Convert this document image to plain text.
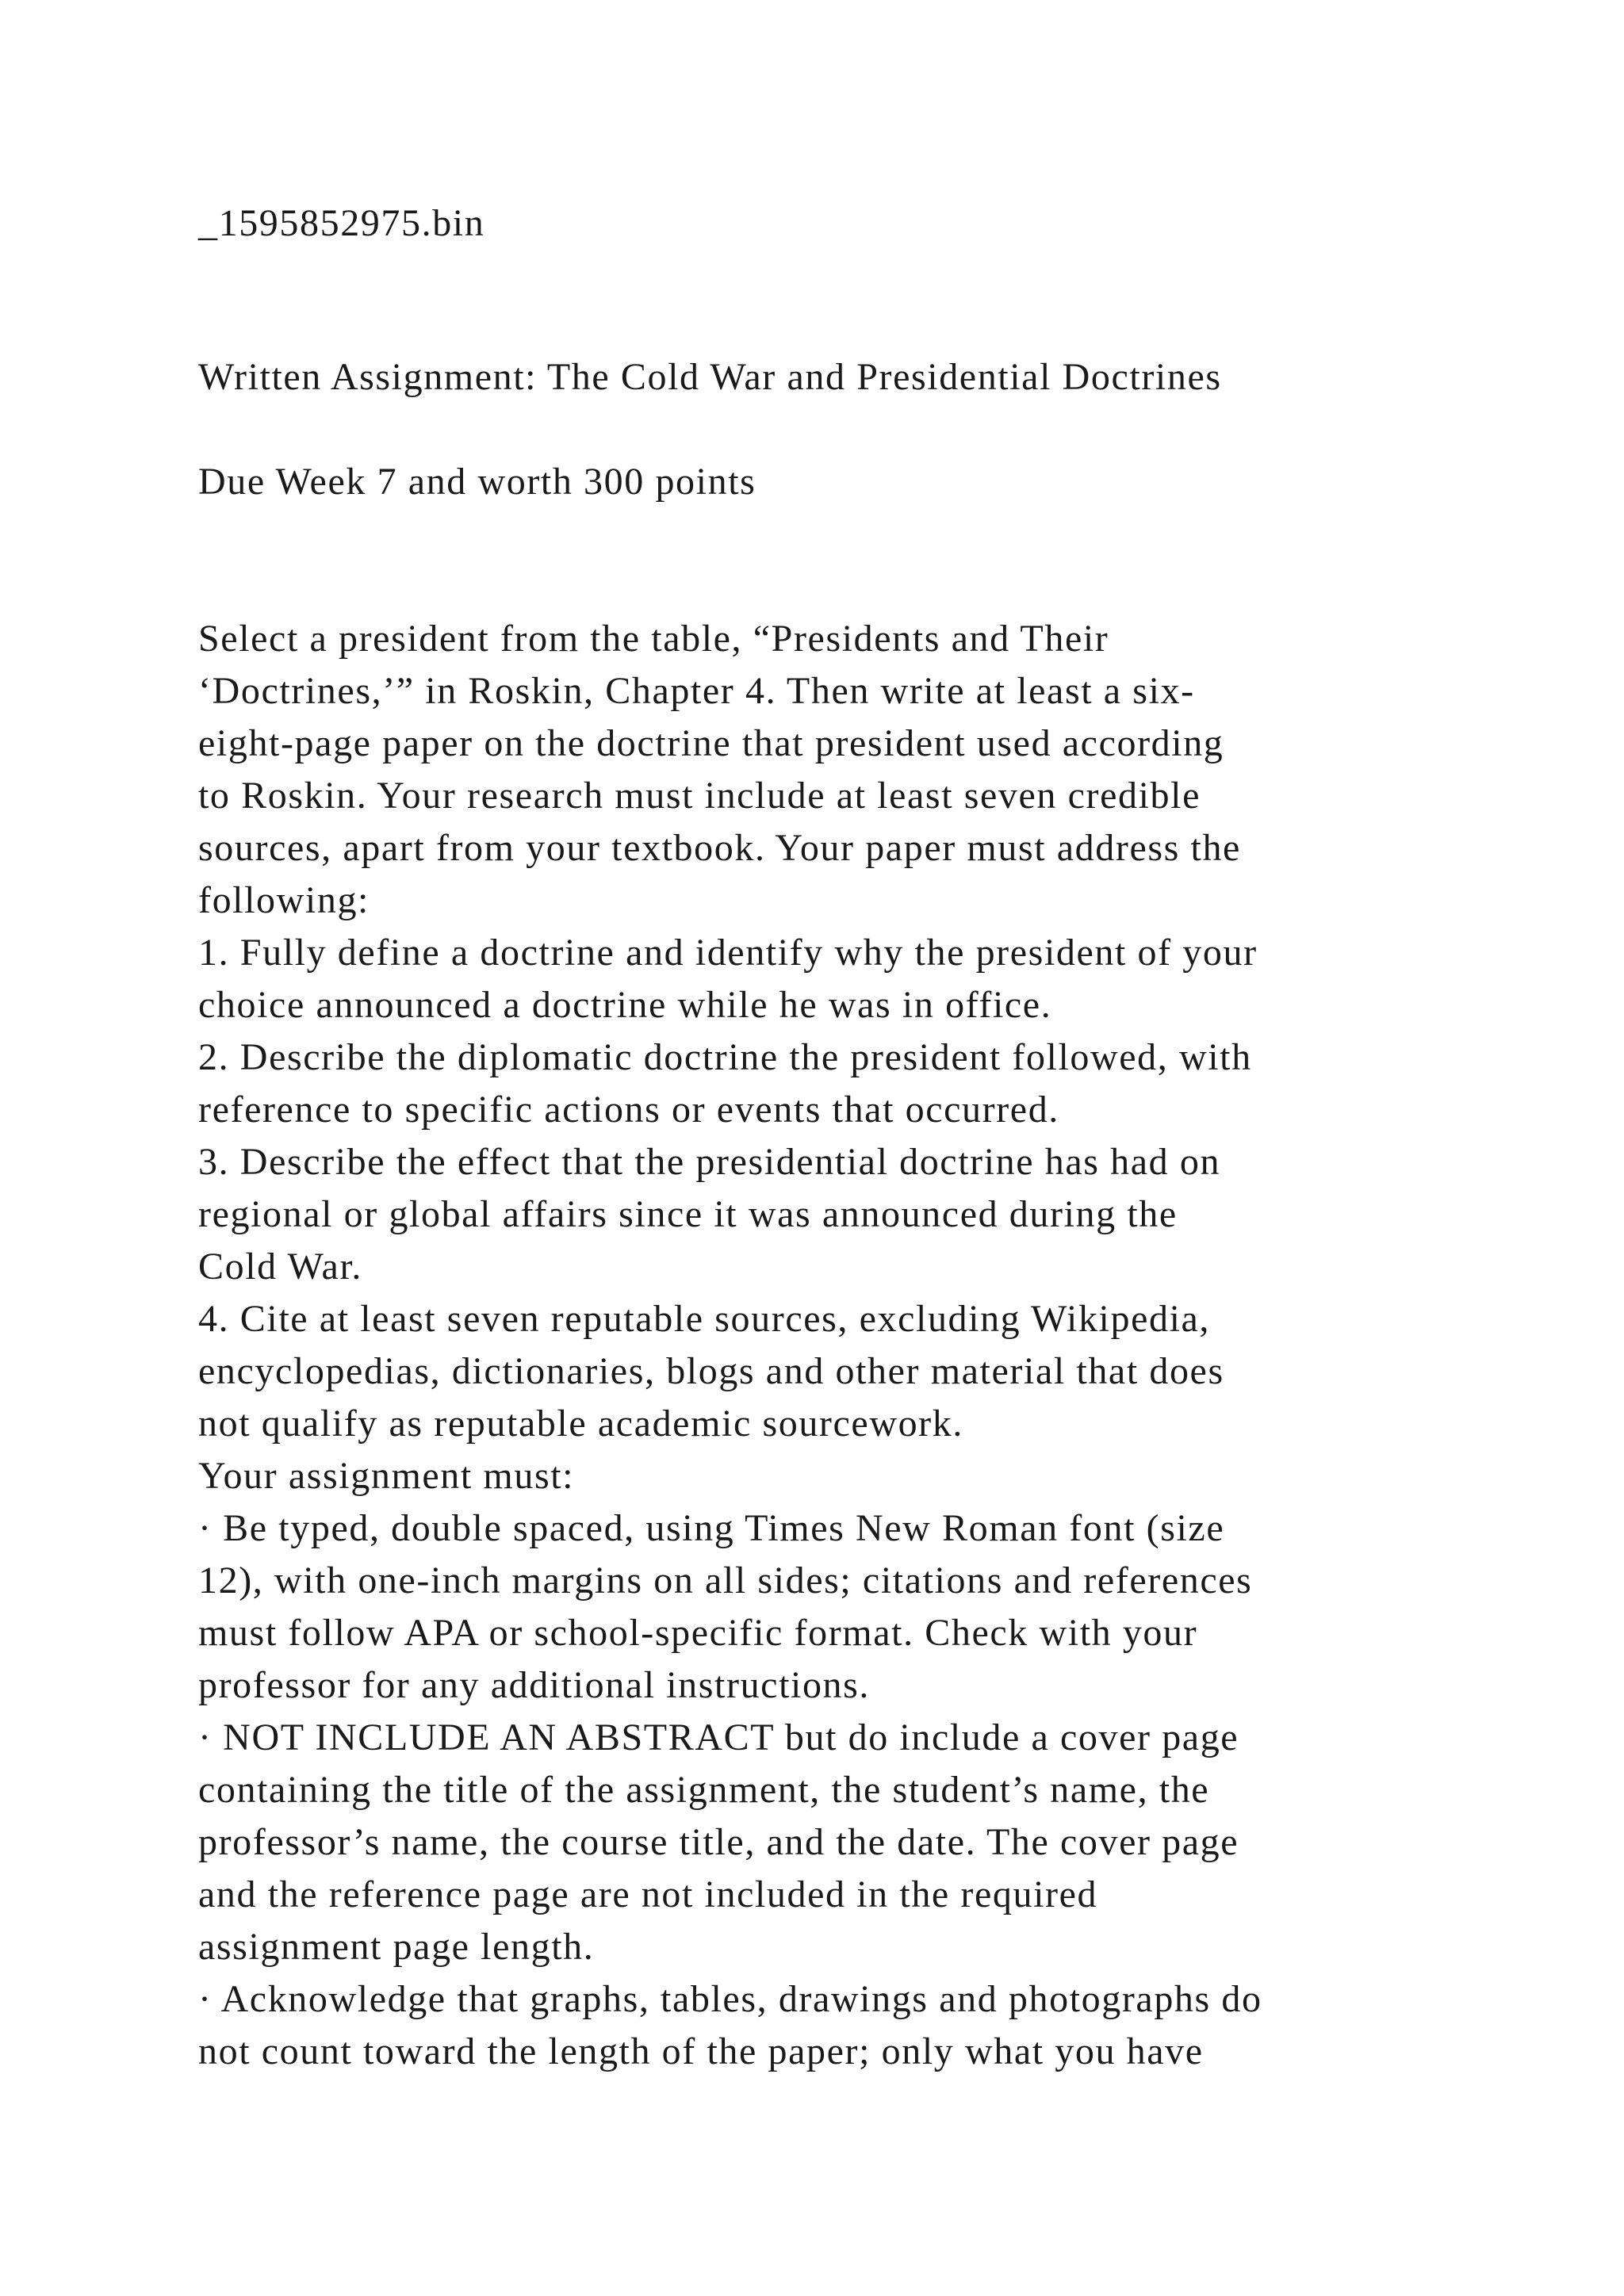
_1595852975.bin
Written Assignment: The Cold War and Presidential Doctrines
Due Week 7 and worth 300 points
Select a president from the table, “Presidents and Their
‘Doctrines,’” in Roskin, Chapter 4. Then write at least a six-
eight-page paper on the doctrine that president used according
to Roskin. Your research must include at least seven credible
sources, apart from your textbook. Your paper must address the
following:
1. Fully define a doctrine and identify why the president of your
choice announced a doctrine while he was in office.
2. Describe the diplomatic doctrine the president followed, with
reference to specific actions or events that occurred.
3. Describe the effect that the presidential doctrine has had on
regional or global affairs since it was announced during the
Cold War.
4. Cite at least seven reputable sources, excluding Wikipedia,
encyclopedias, dictionaries, blogs and other material that does
not qualify as reputable academic sourcework.
Your assignment must:
· Be typed, double spaced, using Times New Roman font (size
12), with one-inch margins on all sides; citations and references
must follow APA or school-specific format. Check with your
professor for any additional instructions.
· NOT INCLUDE AN ABSTRACT but do include a cover page
containing the title of the assignment, the student’s name, the
professor’s name, the course title, and the date. The cover page
and the reference page are not included in the required
assignment page length.
· Acknowledge that graphs, tables, drawings and photographs do
not count toward the length of the paper; only what you have
